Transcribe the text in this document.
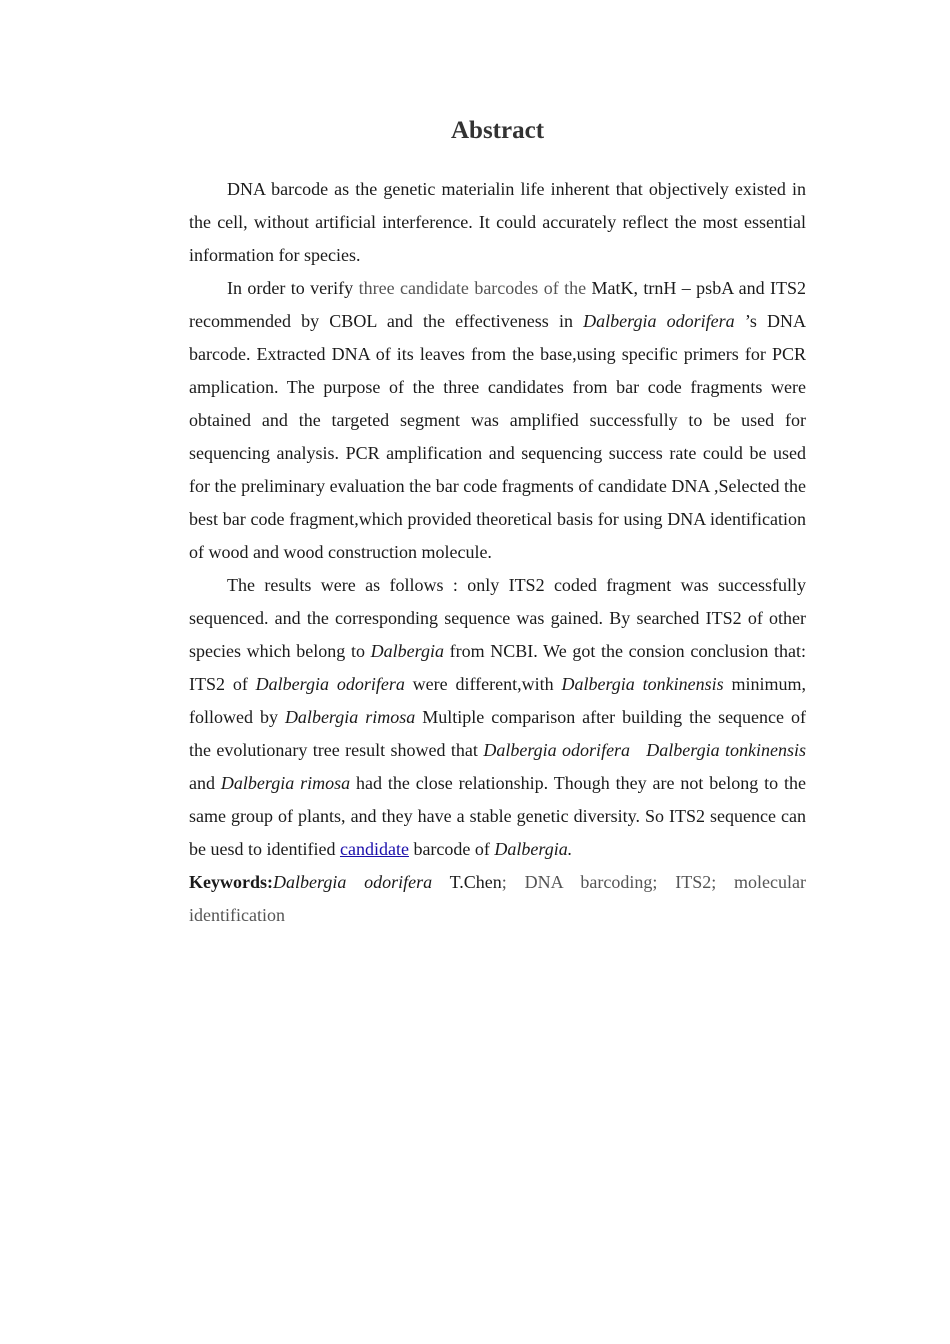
Abstract

DNA barcode as the genetic materialin life inherent that objectively existed in the cell, without artificial interference. It could accurately reflect the most essential information for species.

In order to verify three candidate barcodes of the MatK, trnH – psbA and ITS2 recommended by CBOL and the effectiveness in Dalbergia odorifera ’s DNA barcode. Extracted DNA of its leaves from the base,using specific primers for PCR amplication. The purpose of the three candidates from bar code fragments were obtained and the targeted segment was amplified successfully to be used for sequencing analysis. PCR amplification and sequencing success rate could be used for the preliminary evaluation the bar code fragments of candidate DNA ,Selected the best bar code fragment,which provided theoretical basis for using DNA identification of wood and wood construction molecule.

The results were as follows : only ITS2 coded fragment was successfully sequenced. and the corresponding sequence was gained. By searched ITS2 of other species which belong to Dalbergia from NCBI. We got the consion conclusion that: ITS2 of Dalbergia odorifera were different,with Dalbergia tonkinensis minimum, followed by Dalbergia rimosa Multiple comparison after building the sequence of the evolutionary tree result showed that Dalbergia odorifera Dalbergia tonkinensis and Dalbergia rimosa had the close relationship. Though they are not belong to the same group of plants, and they have a stable genetic diversity. So ITS2 sequence can be uesd to identified candidate barcode of Dalbergia.

Keywords:Dalbergia odorifera T.Chen; DNA barcoding; ITS2; molecular identification
